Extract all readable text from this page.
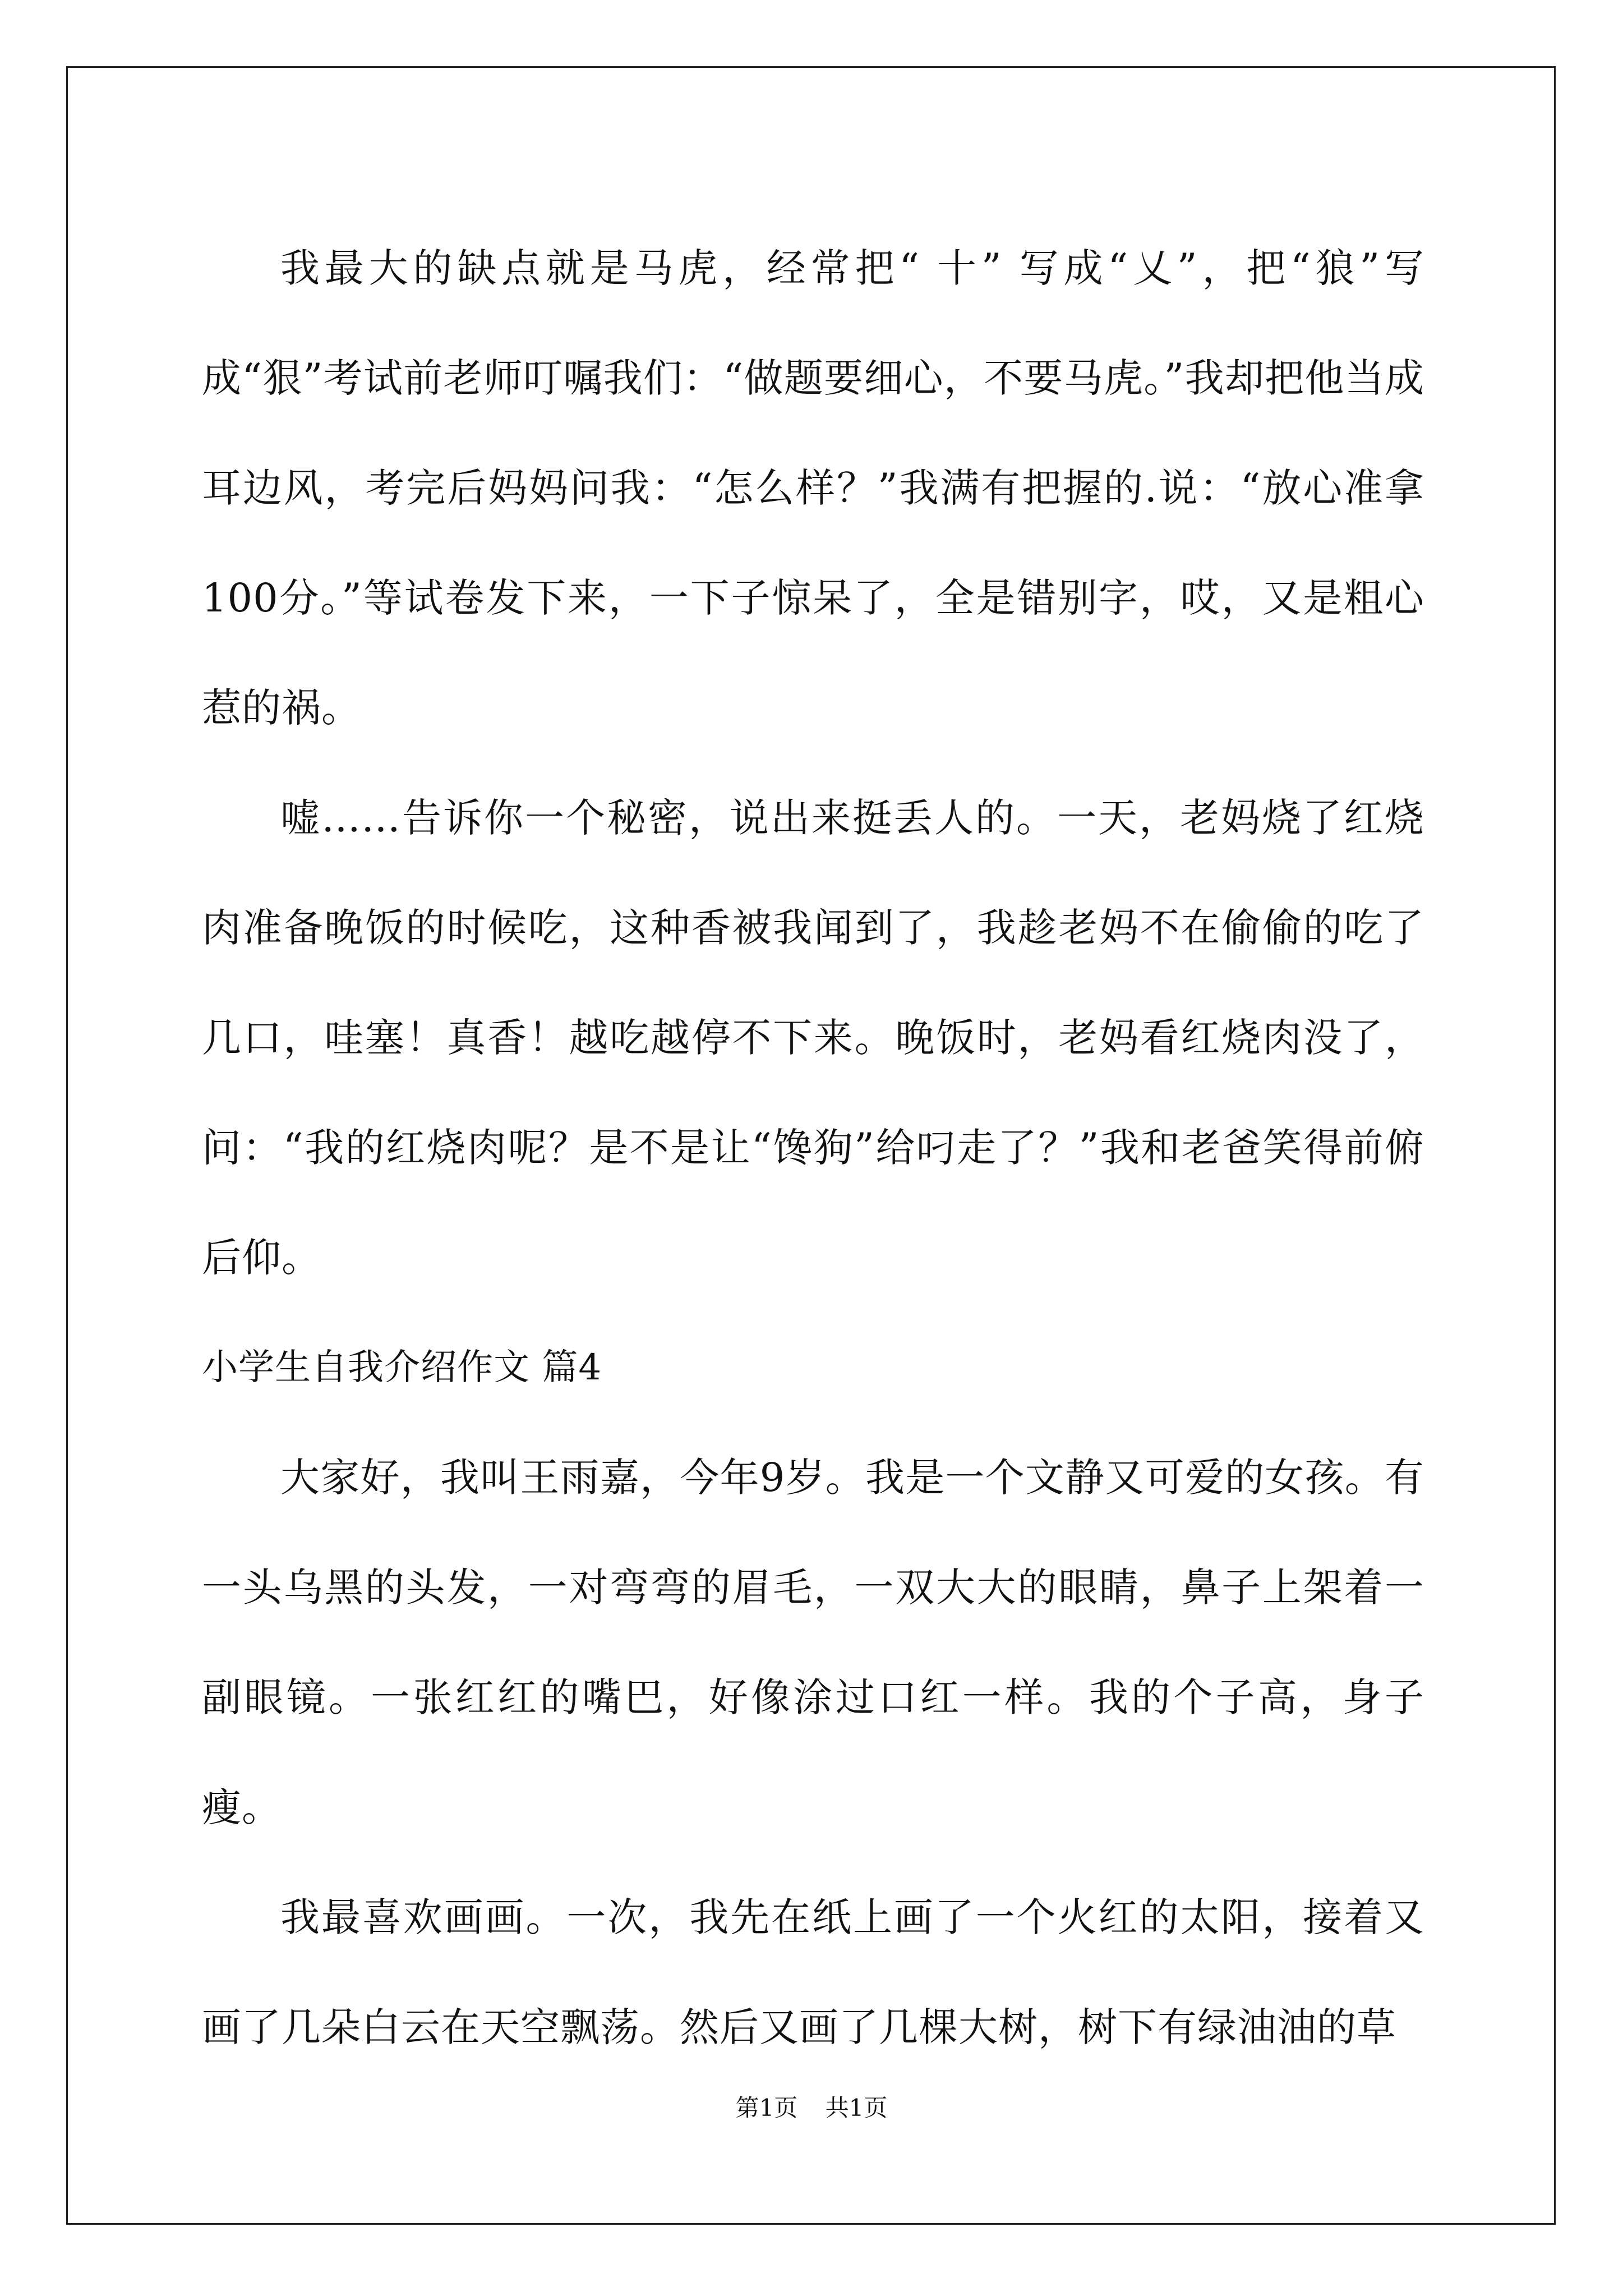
我最大的缺点就是马虎，经常把“ 十” 写成“乂”，把“狼”写成“狠”考试前老师叮嘱我们：“做题要细心，不要马虎。”我却把他当成耳边风，考完后妈妈问我：“怎么样？”我满有把握的.说：“放心准拿100分。”等试卷发下来，一下子惊呆了，全是错别字，哎，又是粗心惹的祸。

嘘……告诉你一个秘密，说出来挺丢人的。一天，老妈烧了红烧肉准备晚饭的时候吃，这种香被我闻到了，我趁老妈不在偷偷的吃了几口，哇塞！真香！越吃越停不下来。晚饭时，老妈看红烧肉没了，问：“我的红烧肉呢？是不是让“馋狗”给叼走了？”我和老爸笑得前俯后仰。

小学生自我介绍作文 篇4

大家好，我叫王雨嘉，今年9岁。我是一个文静又可爱的女孩。有一头乌黑的头发，一对弯弯的眉毛，一双大大的眼睛，鼻子上架着一副眼镜。一张红红的嘴巴，好像涂过口红一样。我的个子高，身子瘦。

我最喜欢画画。一次，我先在纸上画了一个火红的太阳，接着又画了几朵白云在天空飘荡。然后又画了几棵大树，树下有绿油油的草

第1页 共1页
